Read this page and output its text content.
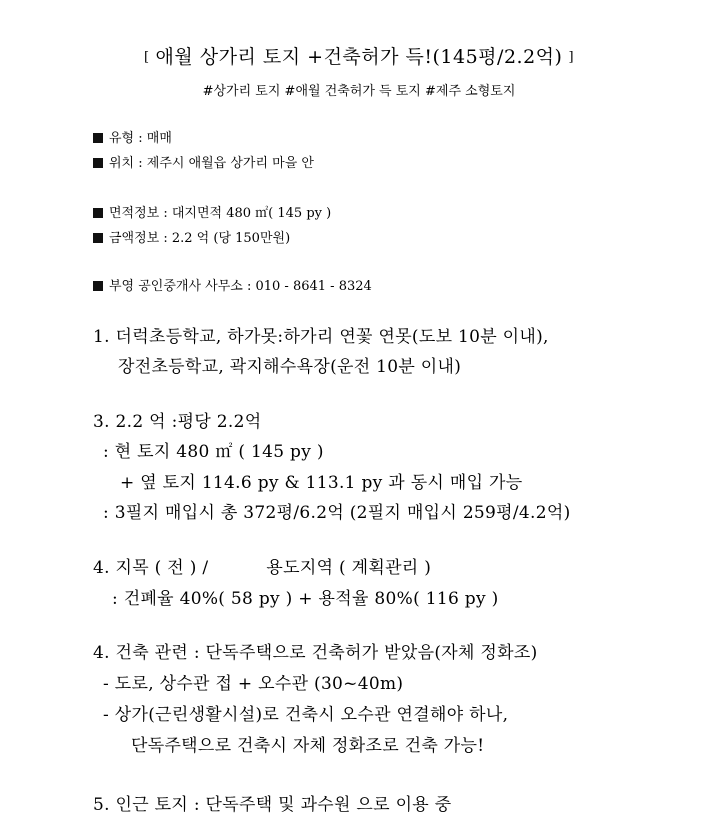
[ 애월 상가리 토지 +건축허가 득!(145평/2.2억) ]
#상가리 토지 #애월 건축허가 득 토지 #제주 소형토지
유형 : 매매
위치 : 제주시 애월읍 상가리 마을 안
면적정보 : 대지면적 480 ㎡( 145 py )
금액정보 : 2.2 억 (당 150만원)
부영 공인중개사 사무소 : 010 - 8641 - 8324
1. 더럭초등학교, 하가못:하가리 연꽃 연못(도보 10분 이내),
장전초등학교, 곽지해수욕장(운전 10분 이내)
3. 2.2 억 :평당 2.2억
: 현 토지 480 ㎡ ( 145 py )
+ 옆 토지 114.6 py & 113.1 py 과 동시 매입 가능
: 3필지 매입시 총 372평/6.2억 (2필지 매입시 259평/4.2억)
4. 지목 ( 전 ) /	용도지역 ( 계획관리 )
: 건폐율 40%( 58 py ) + 용적율 80%( 116 py )
4. 건축 관련 : 단독주택으로 건축허가 받았음(자체 정화조)
- 도로, 상수관 접 + 오수관 (30~40m)
- 상가(근린생활시설)로 건축시 오수관 연결해야 하나,
단독주택으로 건축시 자체 정화조로 건축 가능!
5. 인근 토지 : 단독주택 및 과수원 으로 이용 중
